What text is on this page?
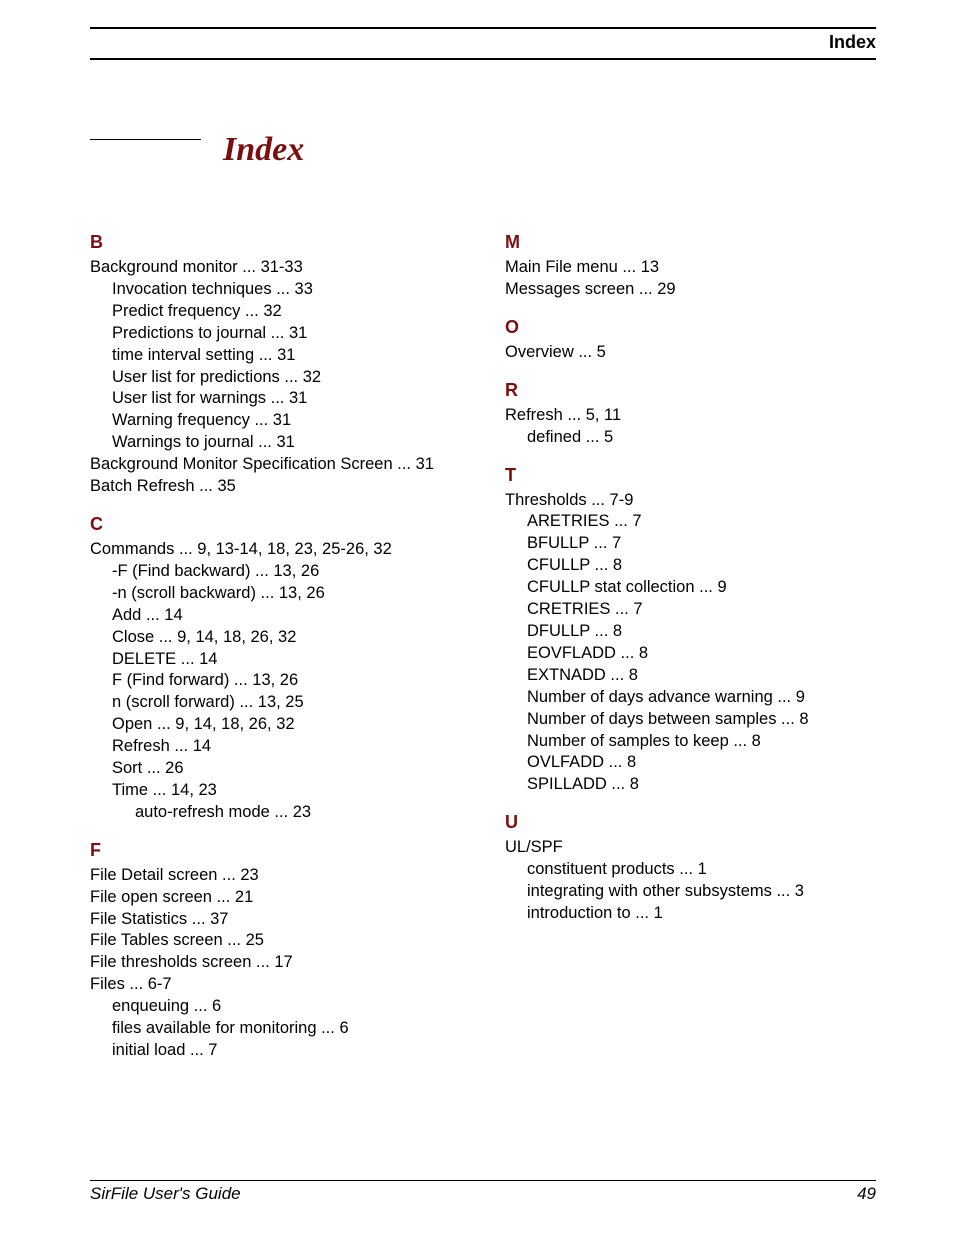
Index
Index
B
Background monitor ... 31-33
Invocation techniques ... 33
Predict frequency ... 32
Predictions to journal ... 31
time interval setting ... 31
User list for predictions ... 32
User list for warnings ... 31
Warning frequency ... 31
Warnings to journal ... 31
Background Monitor Specification Screen ... 31
Batch Refresh ... 35
C
Commands ... 9, 13-14, 18, 23, 25-26, 32
-F (Find backward) ... 13, 26
-n (scroll backward) ... 13, 26
Add ... 14
Close ... 9, 14, 18, 26, 32
DELETE ... 14
F (Find forward) ... 13, 26
n (scroll forward) ... 13, 25
Open ... 9, 14, 18, 26, 32
Refresh ... 14
Sort ... 26
Time ... 14, 23
auto-refresh mode ... 23
F
File Detail screen ... 23
File open screen ... 21
File Statistics ... 37
File Tables screen ... 25
File thresholds screen ... 17
Files ... 6-7
enqueuing ... 6
files available for monitoring ... 6
initial load ... 7
M
Main File menu ... 13
Messages screen ... 29
O
Overview ... 5
R
Refresh ... 5, 11
defined ... 5
T
Thresholds ... 7-9
ARETRIES ... 7
BFULLP ... 7
CFULLP ... 8
CFULLP stat collection ... 9
CRETRIES ... 7
DFULLP ... 8
EOVFLADD ... 8
EXTNADD ... 8
Number of days advance warning ... 9
Number of days between samples ... 8
Number of samples to keep ... 8
OVLFADD ... 8
SPILLADD ... 8
U
UL/SPF
constituent products ... 1
integrating with other subsystems ... 3
introduction to ... 1
SirFile User's Guide	49
